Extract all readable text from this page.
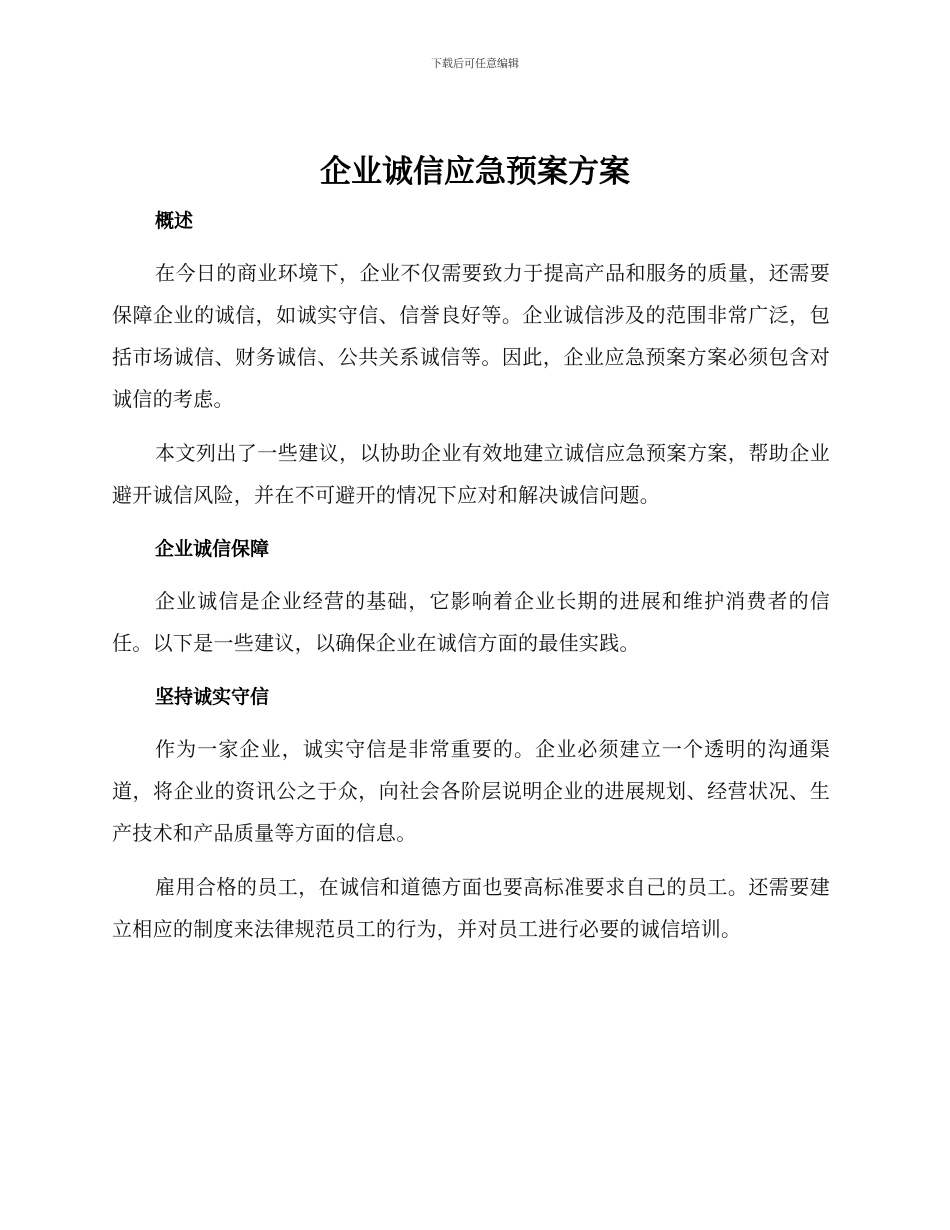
下载后可任意编辑
企业诚信应急预案方案
概述

在今日的商业环境下，企业不仅需要致力于提高产品和服务的质量，还需要保障企业的诚信，如诚实守信、信誉良好等。企业诚信涉及的范围非常广泛，包括市场诚信、财务诚信、公共关系诚信等。因此，企业应急预案方案必须包含对诚信的考虑。

本文列出了一些建议，以协助企业有效地建立诚信应急预案方案，帮助企业避开诚信风险，并在不可避开的情况下应对和解决诚信问题。

企业诚信保障

企业诚信是企业经营的基础，它影响着企业长期的进展和维护消费者的信任。以下是一些建议，以确保企业在诚信方面的最佳实践。

坚持诚实守信

作为一家企业，诚实守信是非常重要的。企业必须建立一个透明的沟通渠道，将企业的资讯公之于众，向社会各阶层说明企业的进展规划、经营状况、生产技术和产品质量等方面的信息。

雇用合格的员工，在诚信和道德方面也要高标准要求自己的员工。还需要建立相应的制度来法律规范员工的行为，并对员工进行必要的诚信培训。
